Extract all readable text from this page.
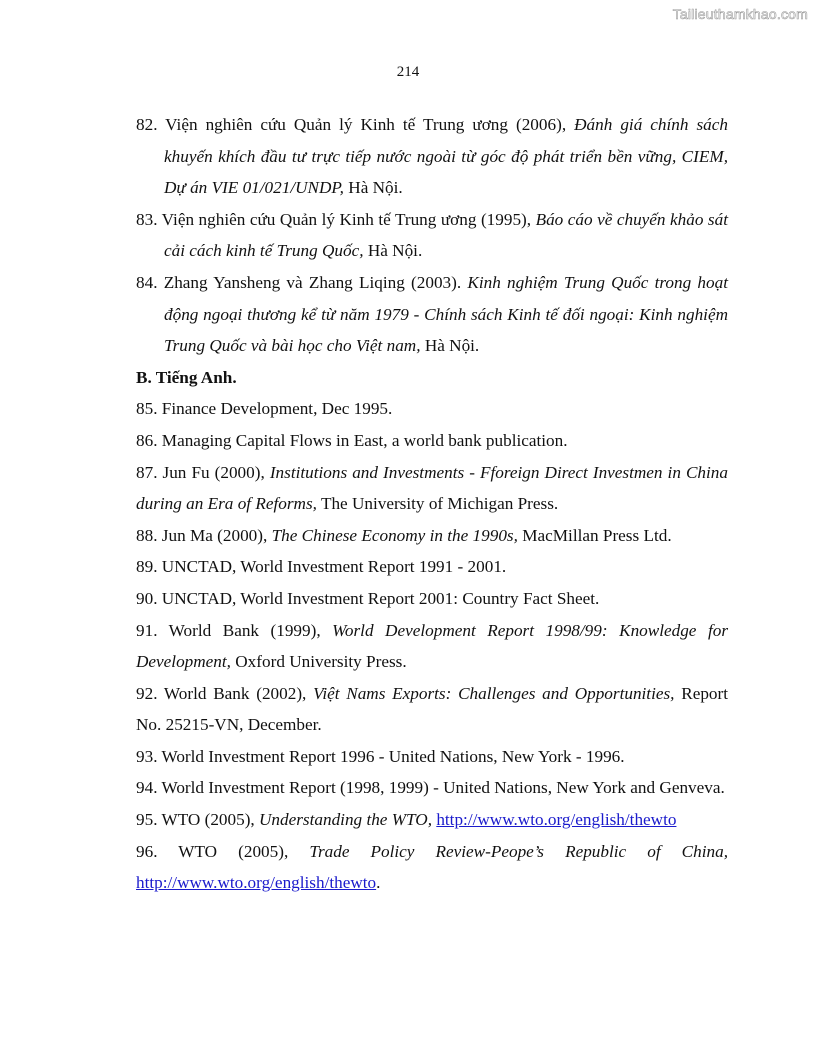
Tailieuthamkhao.com
214
82. Viện nghiên cứu Quản lý Kinh tế Trung ương (2006), Đánh giá chính sách khuyến khích đầu tư trực tiếp nước ngoài từ góc độ phát triển bền vững, CIEM, Dự án VIE 01/021/UNDP, Hà Nội.
83. Viện nghiên cứu Quản lý Kinh tế Trung ương (1995), Báo cáo về chuyến khảo sát cải cách kinh tế Trung Quốc, Hà Nội.
84. Zhang Yansheng và Zhang Liqing (2003). Kinh nghiệm Trung Quốc trong hoạt động ngoại thương kể từ năm 1979 - Chính sách Kinh tế đối ngoại: Kinh nghiệm Trung Quốc và bài học cho Việt nam, Hà Nội.
B. Tiếng Anh.
85. Finance Development, Dec 1995.
86. Managing Capital Flows in East, a world bank publication.
87. Jun Fu (2000), Institutions and Investments - Fforeign Direct Investmen in China during an Era of Reforms, The University of Michigan Press.
88. Jun Ma (2000), The Chinese Economy in the 1990s, MacMillan Press Ltd.
89. UNCTAD, World Investment Report 1991 - 2001.
90. UNCTAD, World Investment Report 2001: Country Fact Sheet.
91. World Bank (1999), World Development Report 1998/99: Knowledge for Development, Oxford University Press.
92. World Bank (2002), Việt Nams Exports: Challenges and Opportunities, Report No. 25215-VN, December.
93. World Investment Report 1996 - United Nations, New York - 1996.
94. World Investment Report (1998, 1999) - United Nations, New York and Genveva.
95. WTO (2005), Understanding the WTO, http://www.wto.org/english/thewto
96. WTO (2005), Trade Policy Review-Peope’s Republic of China,
http://www.wto.org/english/thewto.
